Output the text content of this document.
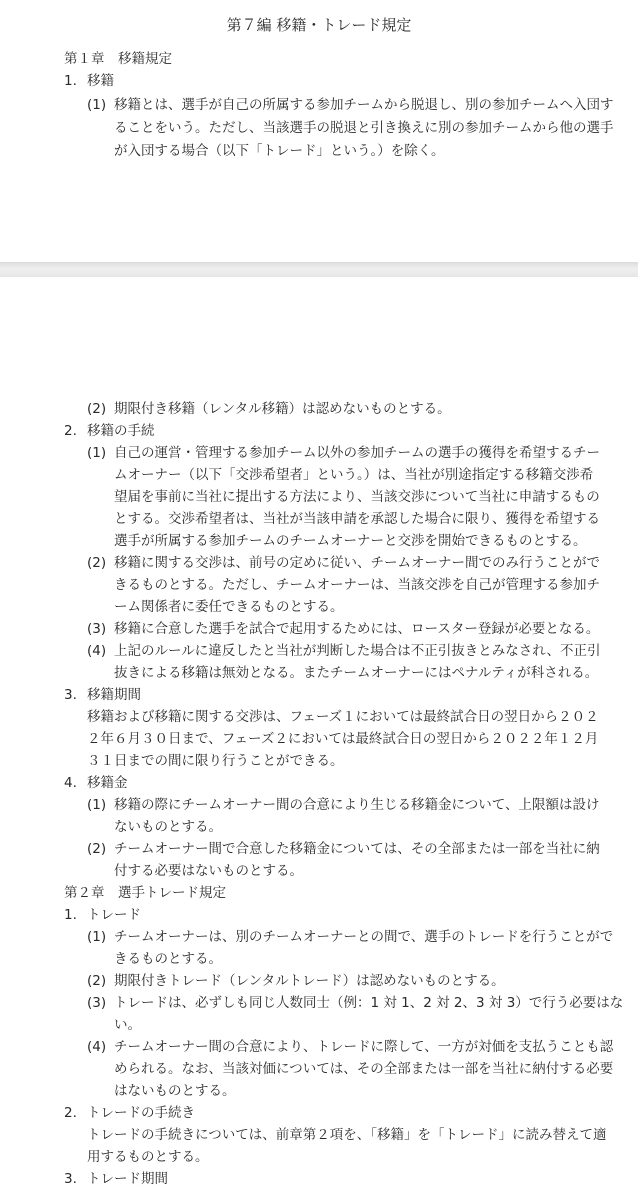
第７編 移籍・トレード規定
第１章　移籍規定
1. 移籍
(1) 移籍とは、選手が自己の所属する参加チームから脱退し、別の参加チームへ入団す
ることをいう。ただし、当該選手の脱退と引き換えに別の参加チームから他の選手
が入団する場合（以下「トレード」という。）を除く。
(2) 期限付き移籍（レンタル移籍）は認めないものとする。
2. 移籍の手続
(1) 自己の運営・管理する参加チーム以外の参加チームの選手の獲得を希望するチー
ムオーナー（以下「交渉希望者」という。）は、当社が別途指定する移籍交渉希
望届を事前に当社に提出する方法により、当該交渉について当社に申請するもの
とする。交渉希望者は、当社が当該申請を承認した場合に限り、獲得を希望する
選手が所属する参加チームのチームオーナーと交渉を開始できるものとする。
(2) 移籍に関する交渉は、前号の定めに従い、チームオーナー間でのみ行うことがで
きるものとする。ただし、チームオーナーは、当該交渉を自己が管理する参加チ
ーム関係者に委任できるものとする。
(3) 移籍に合意した選手を試合で起用するためには、ロースター登録が必要となる。
(4) 上記のルールに違反したと当社が判断した場合は不正引抜きとみなされ、不正引
抜きによる移籍は無効となる。またチームオーナーにはペナルティが科される。
3. 移籍期間
移籍および移籍に関する交渉は、フェーズ１においては最終試合日の翌日から２０２
２年６月３０日まで、フェーズ２においては最終試合日の翌日から２０２２年１２月
３１日までの間に限り行うことができる。
4. 移籍金
(1) 移籍の際にチームオーナー間の合意により生じる移籍金について、上限額は設け
ないものとする。
(2) チームオーナー間で合意した移籍金については、その全部または一部を当社に納
付する必要はないものとする。
第２章　選手トレード規定
1. トレード
(1) チームオーナーは、別のチームオーナーとの間で、選手のトレードを行うことがで
きるものとする。
(2) 期限付きトレード（レンタルトレード）は認めないものとする。
(3) トレードは、必ずしも同じ人数同士（例：1 対 1、2 対 2、3 対 3）で行う必要はな
い。
(4) チームオーナー間の合意により、トレードに際して、一方が対価を支払うことも認
められる。なお、当該対価については、その全部または一部を当社に納付する必要
はないものとする。
2. トレードの手続き
トレードの手続きについては、前章第２項を、「移籍」を「トレード」に読み替えて適
用するものとする。
3. トレード期間
